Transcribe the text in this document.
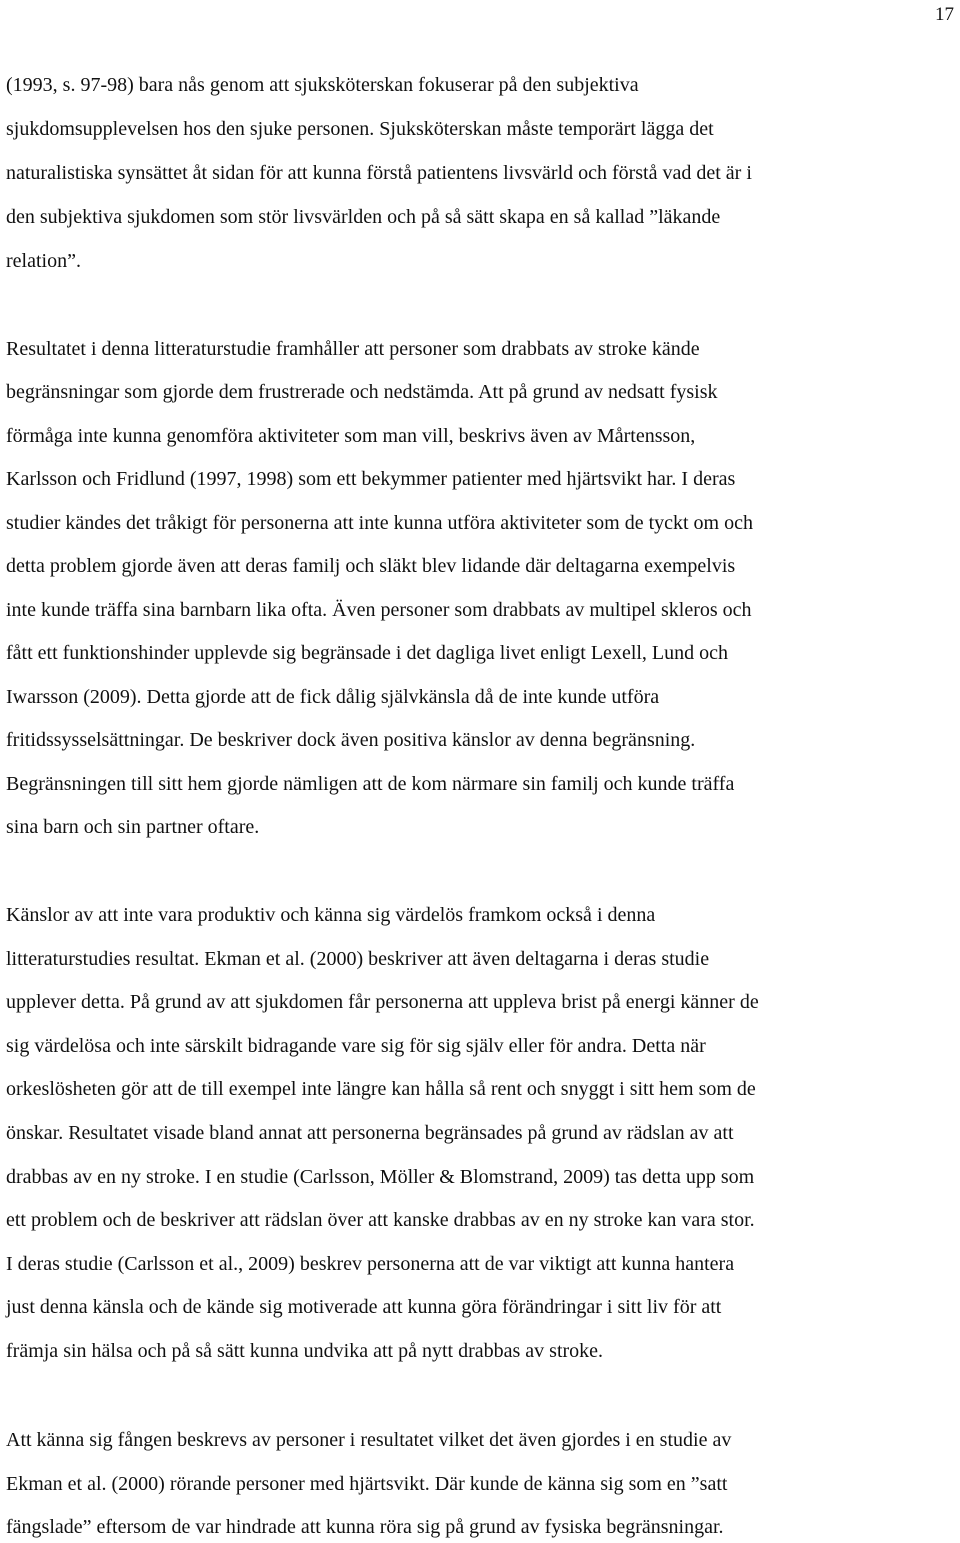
17
(1993, s. 97-98) bara nås genom att sjuksköterskan fokuserar på den subjektiva
sjukdomsupplevelsen hos den sjuke personen. Sjuksköterskan måste temporärt lägga det
naturalistiska synsättet åt sidan för att kunna förstå patientens livsvärld och förstå vad det är i
den subjektiva sjukdomen som stör livsvärlden och på så sätt skapa en så kallad ”läkande
relation”.
Resultatet i denna litteraturstudie framhåller att personer som drabbats av stroke kände
begränsningar som gjorde dem frustrerade och nedstämda. Att på grund av nedsatt fysisk
förmåga inte kunna genomföra aktiviteter som man vill, beskrivs även av Mårtensson,
Karlsson och Fridlund (1997, 1998) som ett bekymmer patienter med hjärtsvikt har. I deras
studier kändes det tråkigt för personerna att inte kunna utföra aktiviteter som de tyckt om och
detta problem gjorde även att deras familj och släkt blev lidande där deltagarna exempelvis
inte kunde träffa sina barnbarn lika ofta. Även personer som drabbats av multipel skleros och
fått ett funktionshinder upplevde sig begränsade i det dagliga livet enligt Lexell, Lund och
Iwarsson (2009). Detta gjorde att de fick dålig självkänsla då de inte kunde utföra
fritidssysselsättningar. De beskriver dock även positiva känslor av denna begränsning.
Begränsningen till sitt hem gjorde nämligen att de kom närmare sin familj och kunde träffa
sina barn och sin partner oftare.
Känslor av att inte vara produktiv och känna sig värdelös framkom också i denna
litteraturstudies resultat. Ekman et al. (2000) beskriver att även deltagarna i deras studie
upplever detta. På grund av att sjukdomen får personerna att uppleva brist på energi känner de
sig värdelösa och inte särskilt bidragande vare sig för sig själv eller för andra. Detta när
orkeslösheten gör att de till exempel inte längre kan hålla så rent och snyggt i sitt hem som de
önskar. Resultatet visade bland annat att personerna begränsades på grund av rädslan av att
drabbas av en ny stroke. I en studie (Carlsson, Möller & Blomstrand, 2009) tas detta upp som
ett problem och de beskriver att rädslan över att kanske drabbas av en ny stroke kan vara stor.
I deras studie (Carlsson et al., 2009) beskrev personerna att de var viktigt att kunna hantera
just denna känsla och de kände sig motiverade att kunna göra förändringar i sitt liv för att
främja sin hälsa och på så sätt kunna undvika att på nytt drabbas av stroke.
Att känna sig fången beskrevs av personer i resultatet vilket det även gjordes i en studie av
Ekman et al. (2000) rörande personer med hjärtsvikt. Där kunde de känna sig som en ”satt
fängslade” eftersom de var hindrade att kunna röra sig på grund av fysiska begränsningar.
